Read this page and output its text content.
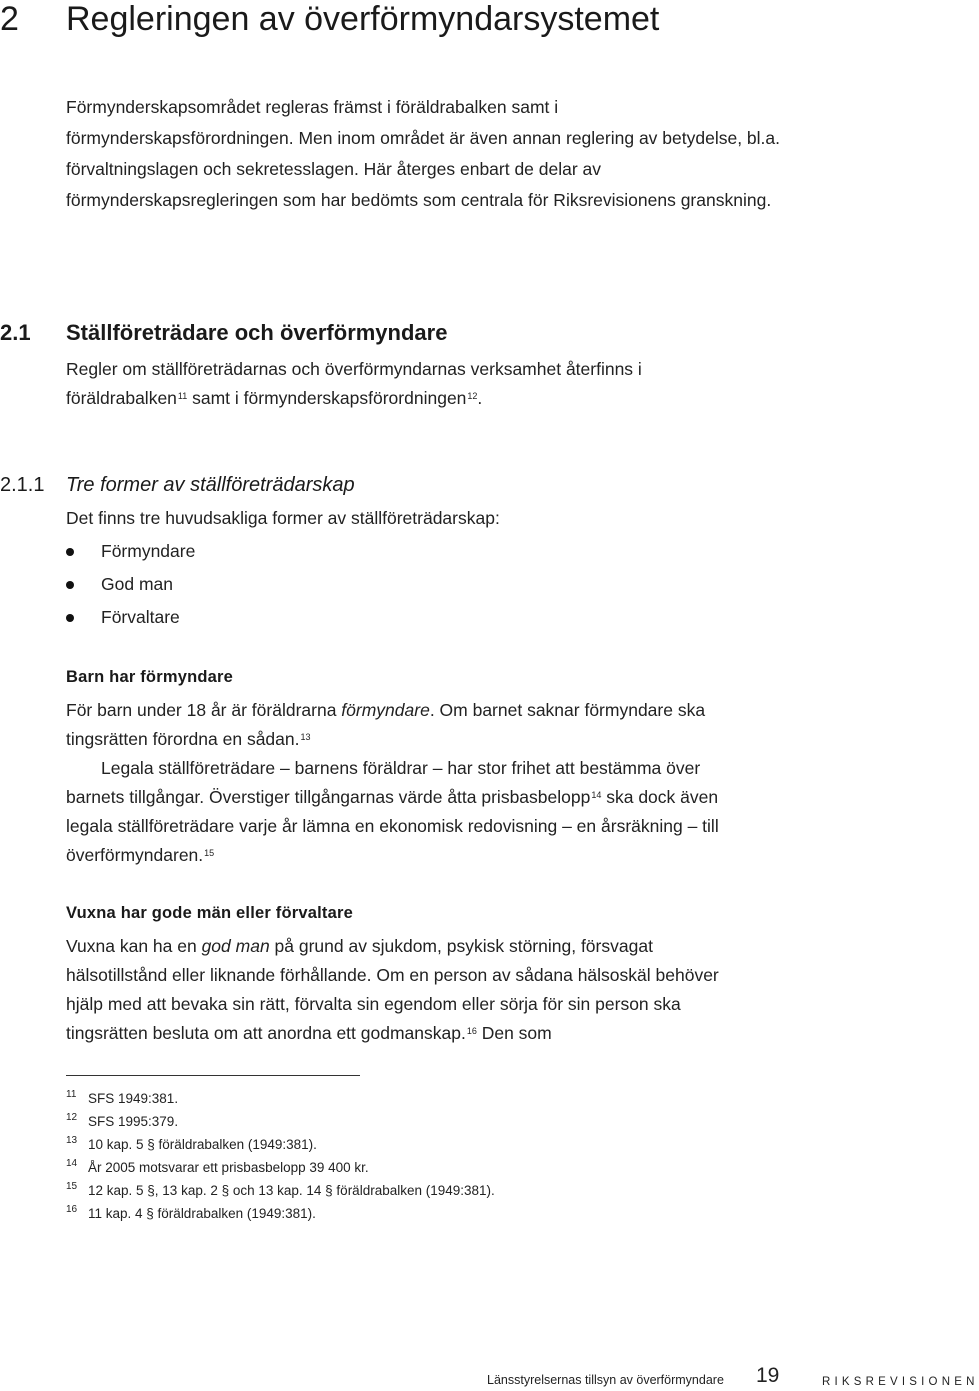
2 Regleringen av överförmyndarsystemet

Förmynderskapsområdet regleras främst i föräldrabalken samt i förmynderskapsförordningen. Men inom området är även annan reglering av betydelse, bl.a. förvaltningslagen och sekretesslagen. Här återges enbart de delar av förmynderskapsregleringen som har bedömts som centrala för Riksrevisionens granskning.

2.1 Ställföreträdare och överförmyndare

Regler om ställföreträdarnas och överförmyndarnas verksamhet återfinns i föräldrabalken$^{11}$ samt i förmynderskapsförordningen$^{12}$.

2.1.1 Tre former av ställföreträdarskap

Det finns tre huvudsakliga former av ställföreträdarskap:

Förmyndare
God man
Förvaltare
Barn har förmyndare

För barn under 18 år är föräldrarna förmyndare. Om barnet saknar förmyndare ska tingsrätten förordna en sådan.$^{13}$

Legala ställföreträdare – barnens föräldrar – har stor frihet att bestämma över barnets tillgångar. Överstiger tillgångarnas värde åtta prisbasbelopp$^{14}$ ska dock även legala ställföreträdare varje år lämna en ekonomisk redovisning – en årsräkning – till överförmyndaren.$^{15}$

Vuxna har gode män eller förvaltare

Vuxna kan ha en god man på grund av sjukdom, psykisk störning, försvagat hälsotillstånd eller liknande förhållande. Om en person av sådana hälsoskäl behöver hjälp med att bevaka sin rätt, förvalta sin egendom eller sörja för sin person ska tingsrätten besluta om att anordna ett godmanskap.$^{16}$ Den som

11 SFS 1949:381.
12 SFS 1995:379.
13 10 kap. 5 § föräldrabalken (1949:381).
14 År 2005 motsvarar ett prisbasbelopp 39 400 kr.
15 12 kap. 5 §, 13 kap. 2 § och 13 kap. 14 § föräldrabalken (1949:381).
16 11 kap. 4 § föräldrabalken (1949:381).
Länsstyrelsernas tillsyn av överförmyndare 19	RIKSREVISIONEN
